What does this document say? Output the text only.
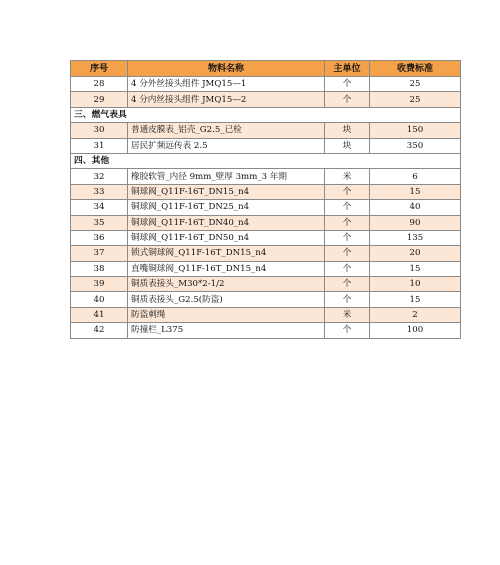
序号	物料名称	主单位	收费标准
28	4 分外丝接头组件 JMQ15—1	个	25
29	4 分内丝接头组件 JMQ15—2	个	25
三、燃气表具			
30	普通皮膜表_铝壳_G2.5_已检	块	150
31	居民扩频远传表 2.5	块	350
四、其他			
32	橡胶软管_内径 9mm_壁厚 3mm_3 年期	米	6
33	铜球阀_Q11F-16T_DN15_n4	个	15
34	铜球阀_Q11F-16T_DN25_n4	个	40
35	铜球阀_Q11F-16T_DN40_n4	个	90
36	铜球阀_Q11F-16T_DN50_n4	个	135
37	锁式铜球阀_Q11F-16T_DN15_n4	个	20
38	直嘴铜球阀_Q11F-16T_DN15_n4	个	15
39	铜质表接头_M30*2-1/2	个	10
40	铜质表接头_G2.5(防盗)	个	15
41	防盗刺绳	米	2
42	防撞栏_L375	个	100
